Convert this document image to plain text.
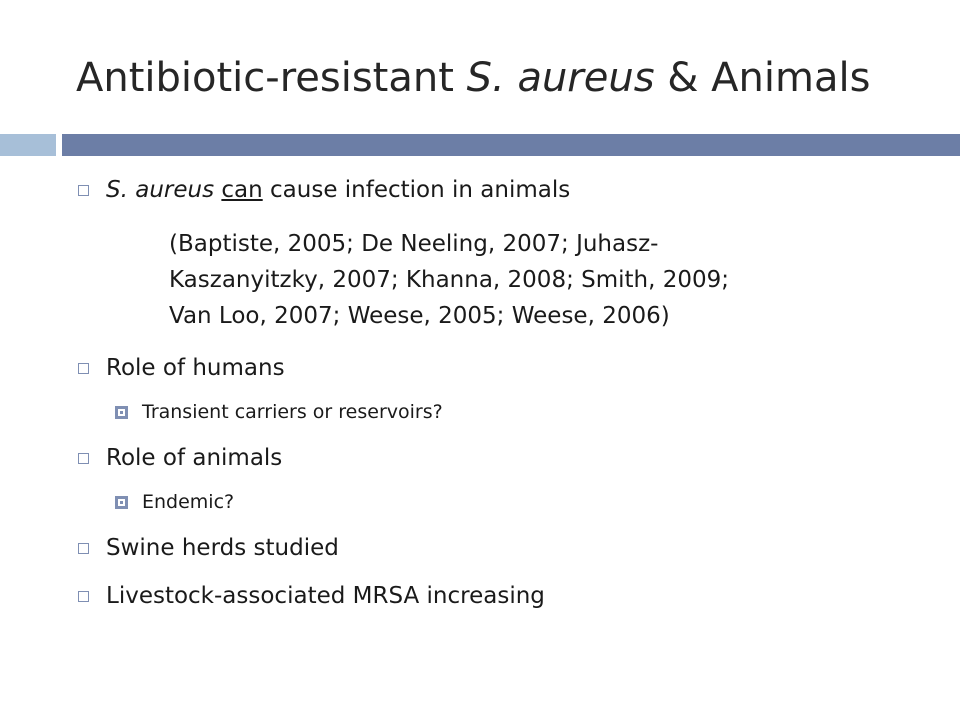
Antibiotic-resistant S. aureus & Animals
S. aureus can cause infection in animals
(Baptiste, 2005; De Neeling, 2007; Juhasz-
Kaszanyitzky, 2007; Khanna, 2008; Smith, 2009;
Van Loo, 2007; Weese, 2005; Weese, 2006)
Role of humans
Transient carriers or reservoirs?
Role of animals
Endemic?
Swine herds studied
Livestock-associated MRSA increasing
